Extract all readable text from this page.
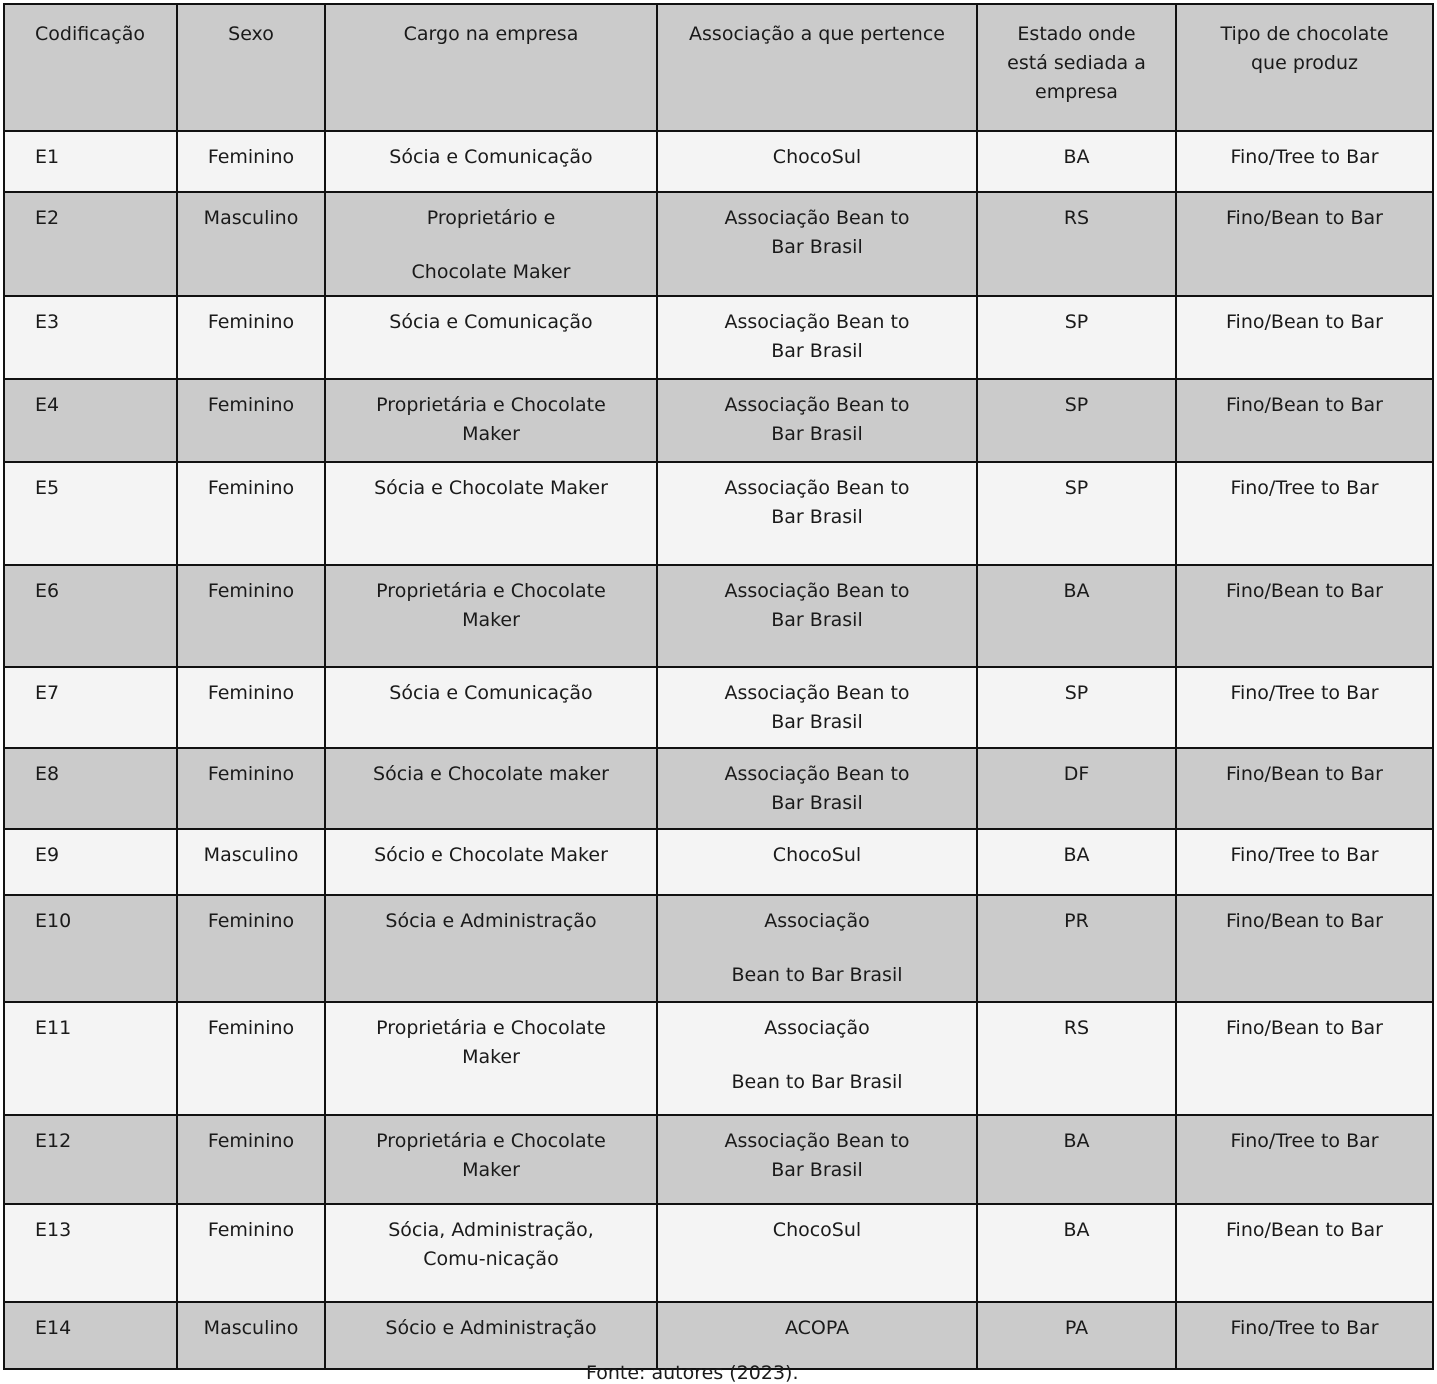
Codificação	Sexo	Cargo na empresa	Associação a que pertence	Estado onde está sediada a empresa	Tipo de chocolate que produz

E1	Feminino	Sócia e Comunicação	ChocoSul	BA	Fino/Tree to Bar

E2	Masculino	Proprietário e
Chocolate Maker	Associação Bean to Bar Brasil	RS	Fino/Bean to Bar

E3	Feminino	Sócia e Comunicação	Associação Bean to Bar Brasil	SP	Fino/Bean to Bar

E4	Feminino	Proprietária e Chocolate Maker	Associação Bean to Bar Brasil	SP	Fino/Bean to Bar

E5	Feminino	Sócia e Chocolate Maker	Associação Bean to Bar Brasil	SP	Fino/Tree to Bar

E6	Feminino	Proprietária e Chocolate Maker	Associação Bean to Bar Brasil	BA	Fino/Bean to Bar

E7	Feminino	Sócia e Comunicação	Associação Bean to Bar Brasil	SP	Fino/Tree to Bar

E8	Feminino	Sócia e Chocolate maker	Associação Bean to Bar Brasil	DF	Fino/Bean to Bar

E9	Masculino	Sócio e Chocolate Maker	ChocoSul	BA	Fino/Tree to Bar

E10	Feminino	Sócia e Administração	Associação
Bean to Bar Brasil	PR	Fino/Bean to Bar

E11	Feminino	Proprietária e Chocolate Maker	Associação
Bean to Bar Brasil	RS	Fino/Bean to Bar

E12	Feminino	Proprietária e Chocolate Maker	Associação Bean to Bar Brasil	BA	Fino/Tree to Bar

E13	Feminino	Sócia, Administração, Comu-nicação	ChocoSul	BA	Fino/Bean to Bar

E14	Masculino	Sócio e Administração	ACOPA	PA	Fino/Tree to Bar
Fonte: autores (2023).
